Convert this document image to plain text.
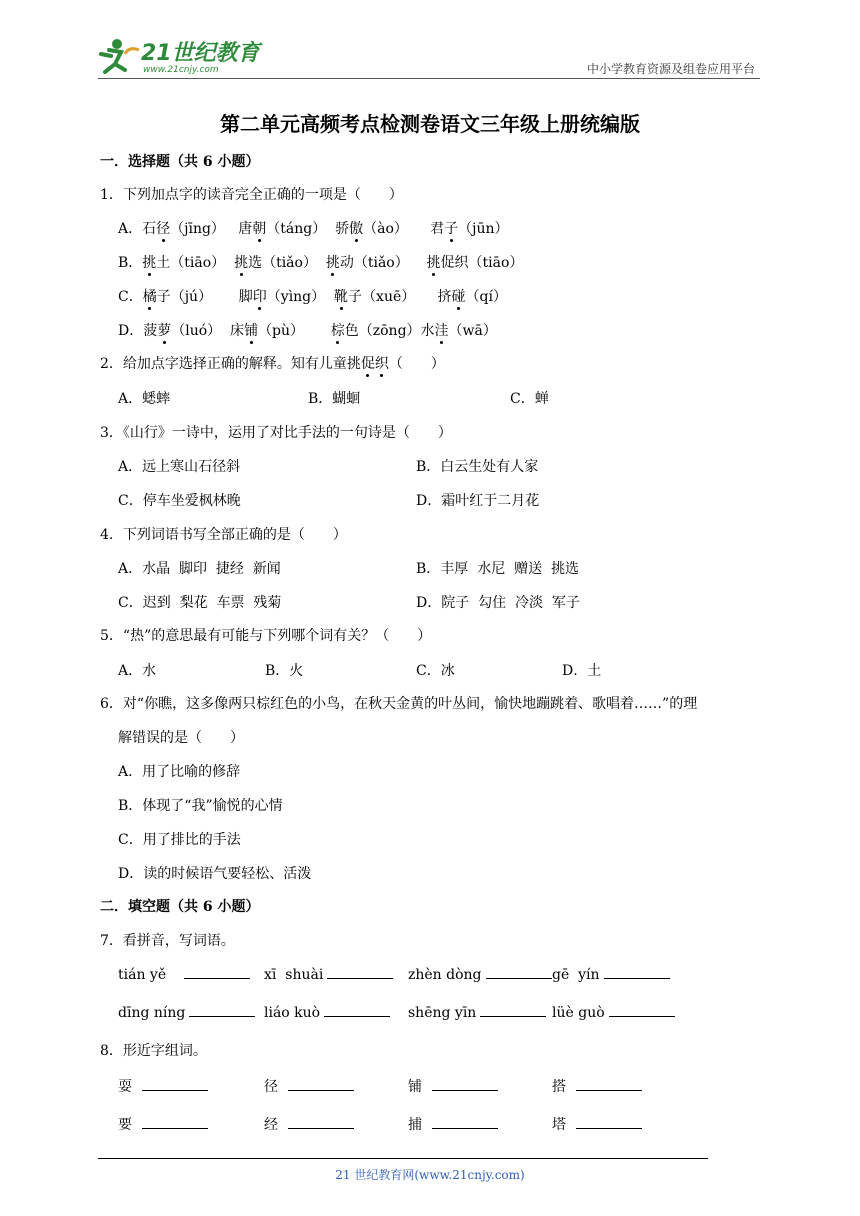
21世纪教育
www.21cnjy.com	中小学教育资源及组卷应用平台
第二单元高频考点检测卷语文三年级上册统编版
一．选择题（共 6 小题）
1．下列加点字的读音完全正确的一项是（　　）
A．石径（jīng）   唐朝（táng）  骄傲（ào）     君子（jūn）
B．挑土（tiāo）  挑选（tiǎo）  挑动（tiǎo）    挑促织（tiāo）
C．橘子（jú）      脚印（yìng）  靴子（xuē）     挤碰（qí）
D．菠萝（luó）  床铺（pù）      棕色（zōng）水洼（wā）
2．给加点字选择正确的解释。知有儿童挑促织（　　）
A．蟋蟀	B．蝴蛔	C．蝉
3．《山行》一诗中，运用了对比手法的一句诗是（　　）
A．远上寒山石径斜	B．白云生处有人家
C．停车坐爱枫林晚	D．霜叶红于二月花
4．下列词语书写全部正确的是（　　）
A．水晶  脚印  捷经  新闻	B．丰厚  水尼  赠送  挑选
C．迟到  梨花  车票  残菊	D．院子  勾住  冷淡  军子
5．“热”的意思最有可能与下列哪个词有关？（　　）
A．水	B．火	C．冰	D．土
6．对“你瞧，这多像两只棕红色的小鸟，在秋天金黄的叶丛间，愉快地蹦跳着、歌唱着……”的理
解错误的是（　　）
A．用了比喻的修辞
B．体现了“我”愉悦的心情
C．用了排比的手法
D．读的时候语气要轻松、活泼
二．填空题（共 6 小题）
7．看拼音，写词语。
tián yě	xī  shuài	zhèn dòng	gē  yín
dīng níng	liáo kuò	shēng yīn	lüè guò
8．形近字组词。
耍	径	铺	搭
要	经	捕	塔
21 世纪教育网(www.21cnjy.com)
